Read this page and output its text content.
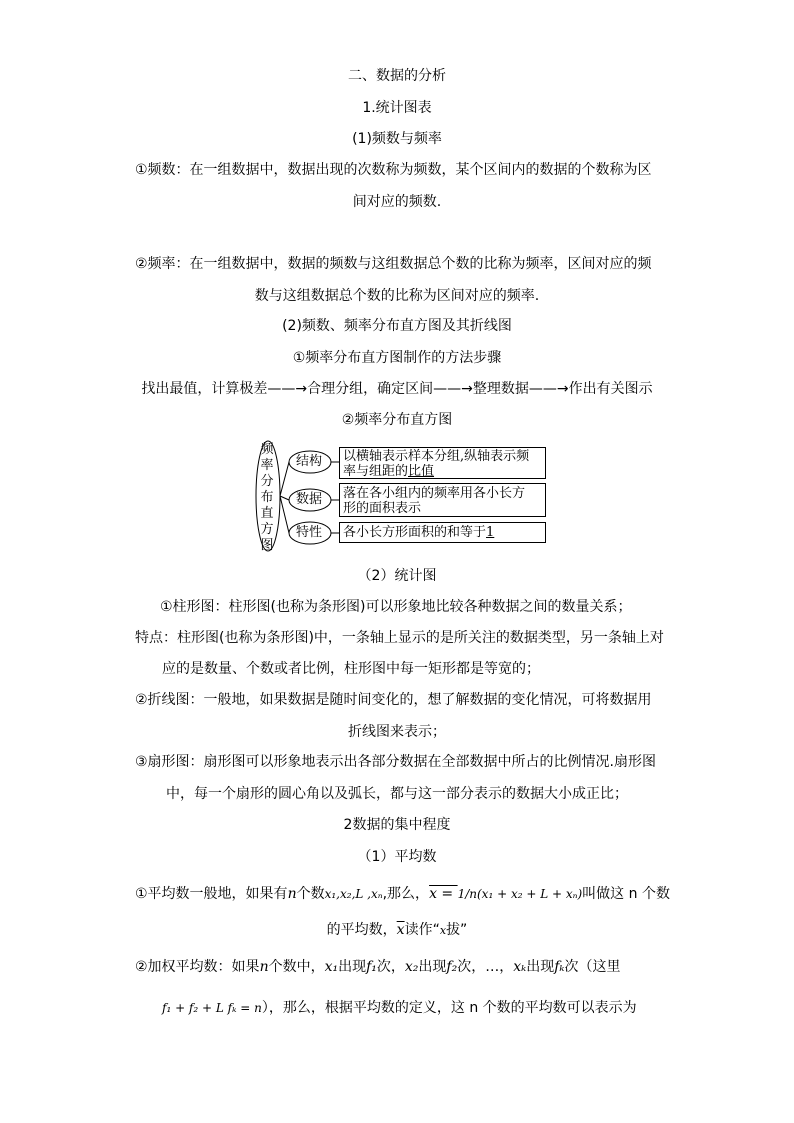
二、数据的分析
1.统计图表
(1)频数与频率
①频数：在一组数据中，数据出现的次数称为频数，某个区间内的数据的个数称为区
间对应的频数.
②频率：在一组数据中，数据的频数与这组数据总个数的比称为频率，区间对应的频
数与这组数据总个数的比称为区间对应的频率.
(2)频数、频率分布直方图及其折线图
①频率分布直方图制作的方法步骤
找出最值，计算极差——→合理分组，确定区间——→整理数据——→作出有关图示
②频率分布直方图
频
率
分
布
直
方
图
结构
数据
特性
以横轴表示样本分组,纵轴表示频
率与组距的比值
落在各小组内的频率用各小长方
形的面积表示
各小长方形面积的和等于1
（2）统计图
①柱形图：柱形图(也称为条形图)可以形象地比较各种数据之间的数量关系；
特点：柱形图(也称为条形图)中，一条轴上显示的是所关注的数据类型，另一条轴上对
应的是数量、个数或者比例，柱形图中每一矩形都是等宽的；
②折线图：一般地，如果数据是随时间变化的，想了解数据的变化情况，可将数据用
折线图来表示；
③扇形图：扇形图可以形象地表示出各部分数据在全部数据中所占的比例情况.扇形图
中，每一个扇形的圆心角以及弧长，都与这一部分表示的数据大小成正比；
2数据的集中程度
（1）平均数
①平均数一般地，如果有n个数x₁,x₂,L ,xₙ,那么，x = 1/n(x₁ + x₂ + L + xₙ)叫做这 n 个数
的平均数，$\overline{x}$读作“x拔”
②加权平均数：如果n个数中，x₁出现f₁次，x₂出现f₂次，…，xₖ出现fₖ次（这里
f₁ + f₂ + L fₖ = n），那么，根据平均数的定义，这 n 个数的平均数可以表示为
